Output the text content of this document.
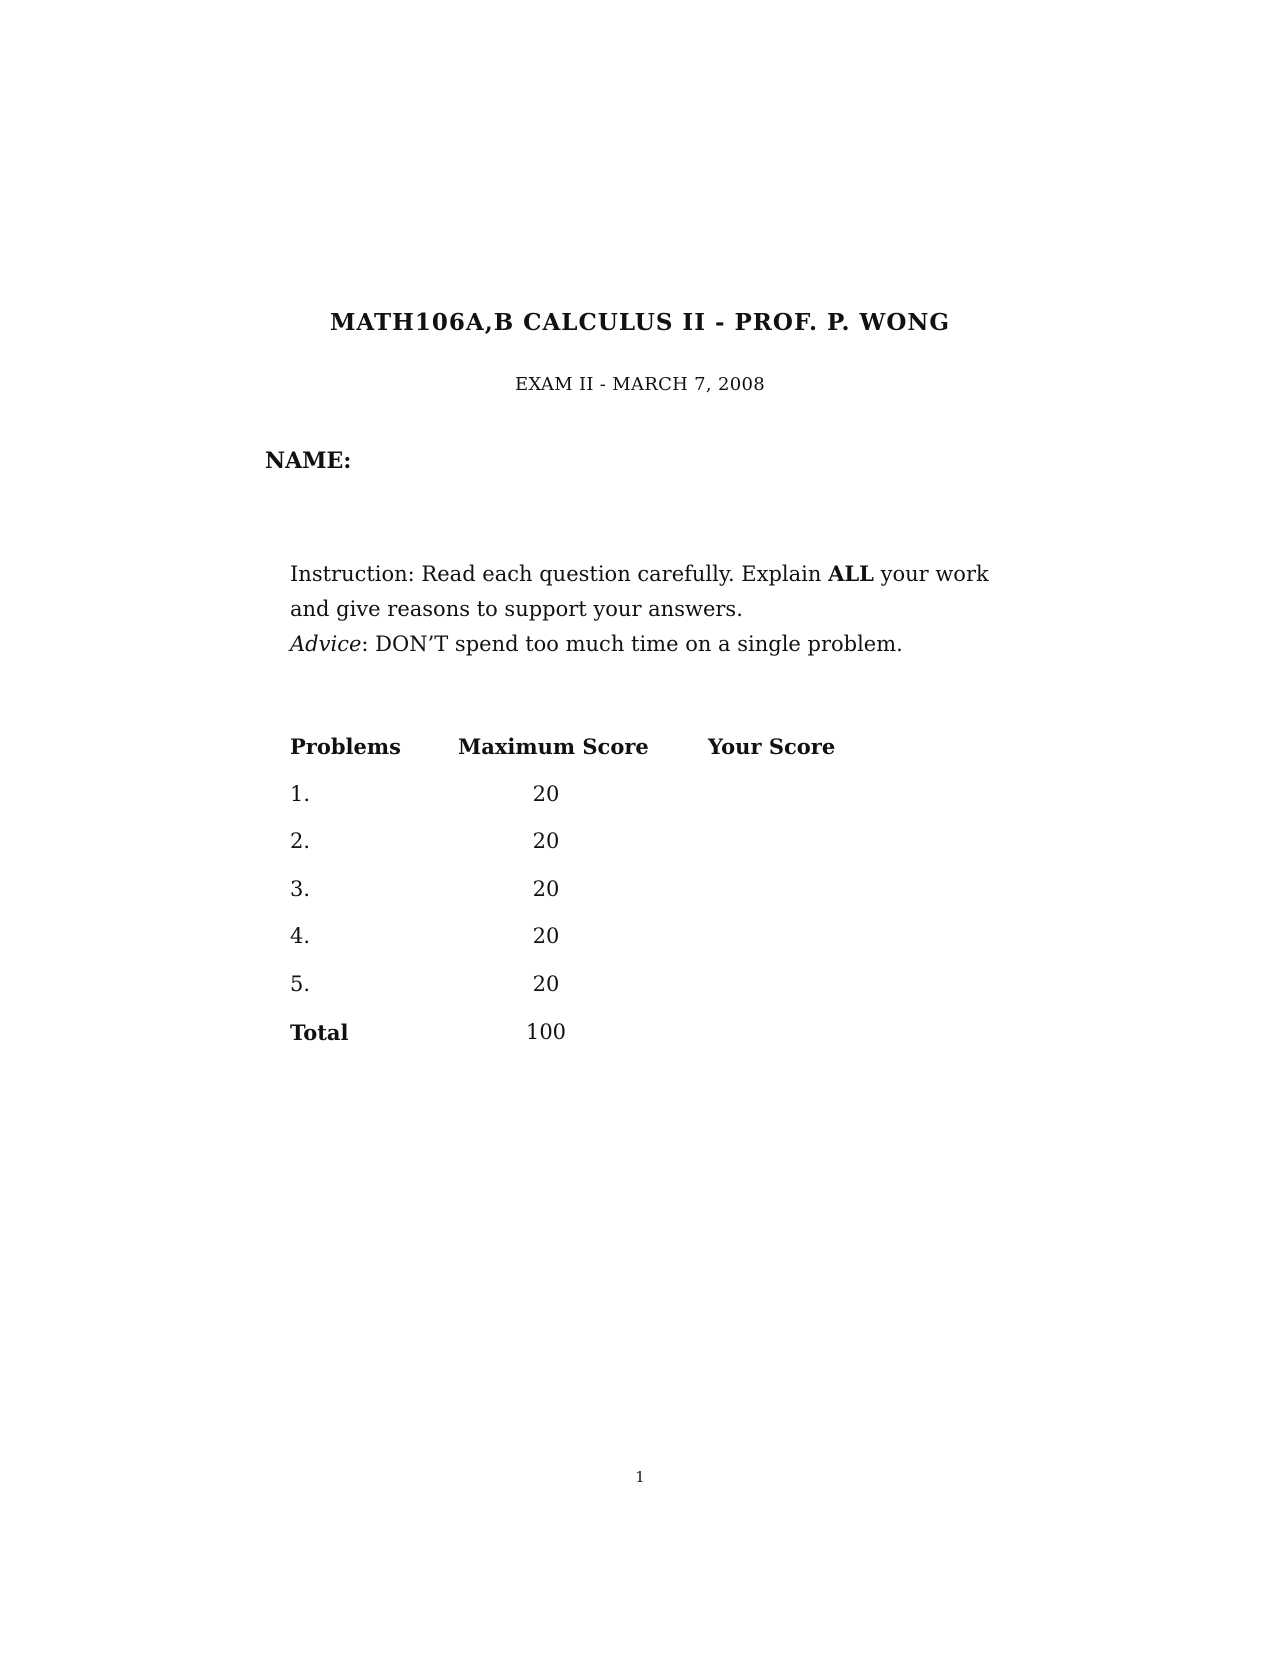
MATH106A,B CALCULUS II - PROF. P. WONG
EXAM II - MARCH 7, 2008
NAME:
Instruction: Read each question carefully. Explain ALL your work and give reasons to support your answers.
Advice: DON’T spend too much time on a single problem.
Problems	Maximum Score	Your Score
1.	20
2.	20
3.	20
4.	20
5.	20
Total	100
1
